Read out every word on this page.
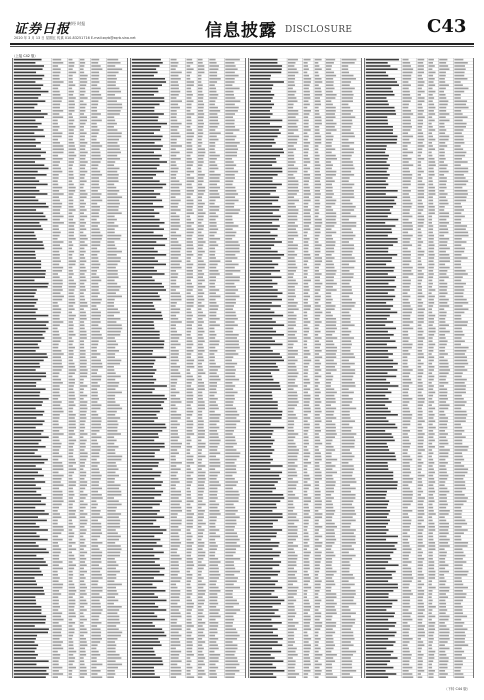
证券日报
财经 时报
2020 年 3 月 13 日 星期五 传真 010-83251716 E-mail:zqrb@zqrb.sina.net	信息披露 DISCLOSURE	C43
（上接 C42 版）
（下转 C44 版）
